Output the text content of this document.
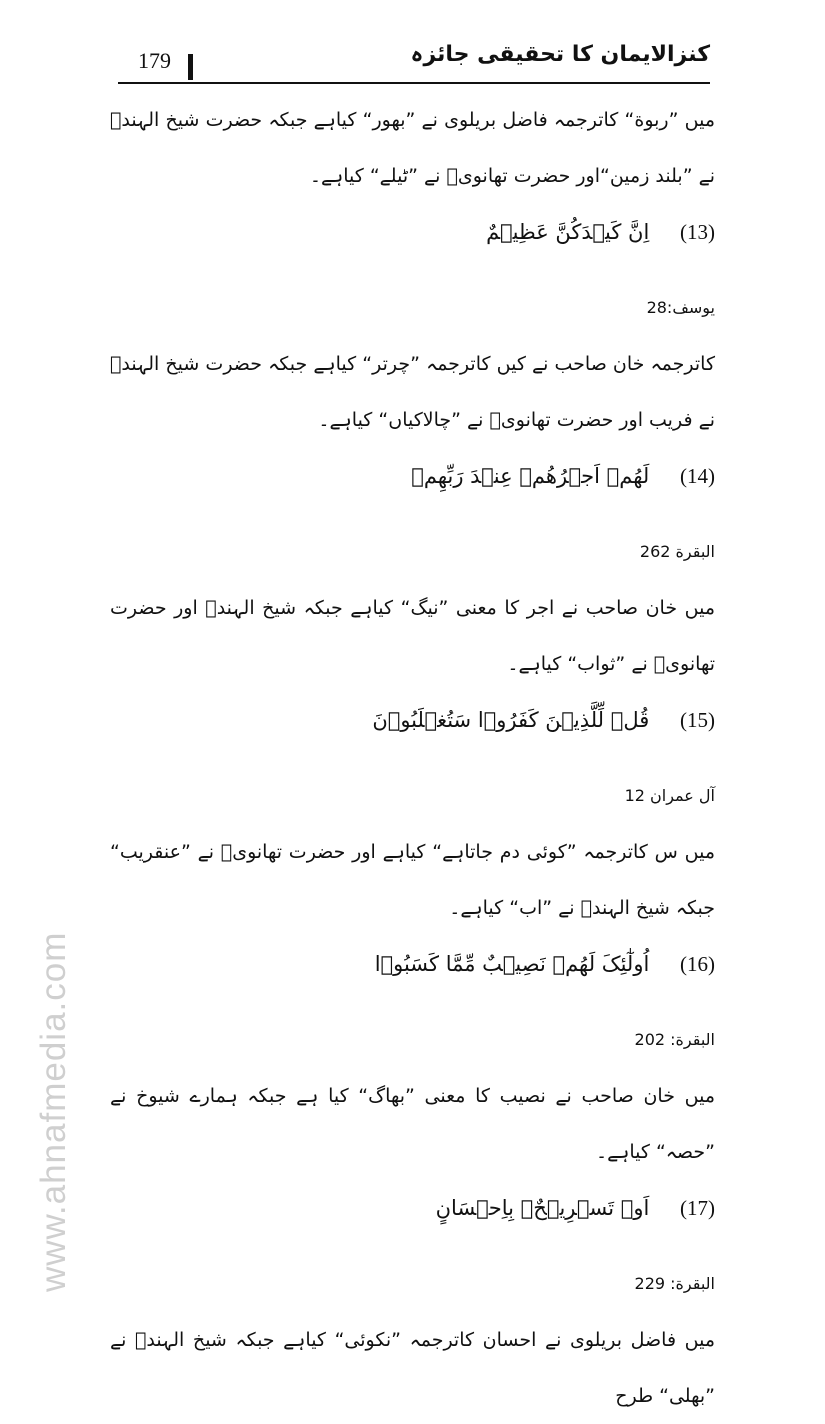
179	کنزالایمان کا تحقیقی جائزہ
www.ahnafmedia.com

میں ”ربوة“ کاترجمہ فاضل بریلوی نے ”بھور“ کیاہے جبکہ حضرت شیخ الہندؒ نے ”بلند زمین“اور حضرت تھانویؒ نے ”ٹیلے“ کیاہے۔

(13) اِنَّ کَیۡدَکُنَّ عَظِیۡمٌ
یوسف:28

کاترجمہ خان صاحب نے کیں کاترجمہ ”چرتر“ کیاہے جبکہ حضرت شیخ الہندؒ نے فریب اور حضرت تھانویؒ نے ”چالاکیاں“ کیاہے۔

(14) لَهُمۡ اَجۡرُهُمۡ عِنۡدَ رَبِّهِمۡ
البقرة 262

میں خان صاحب نے اجر کا معنی ”نیگ“ کیاہے جبکہ شیخ الہندؒ اور حضرت تھانویؒ نے ”ثواب“ کیاہے۔

(15) قُلۡ لِّلَّذِیۡنَ کَفَرُوۡا سَتُغۡلَبُوۡنَ
آل عمران 12

میں س کاترجمہ ”کوئی دم جاتاہے“ کیاہے اور حضرت تھانویؒ نے ”عنقریب“ جبکہ شیخ الہندؒ نے ”اب“ کیاہے۔

(16) اُولٰٓئِکَ لَهُمۡ نَصِیۡبٌ مِّمَّا کَسَبُوۡا
البقرة: 202

میں خان صاحب نے نصیب کا معنی ”بھاگ“ کیا ہے جبکہ ہمارے شیوخ نے ”حصہ“ کیاہے۔

(17) اَوۡ تَسۡرِیۡحٌۢ بِاِحۡسَانٍ
البقرة: 229

میں فاضل بریلوی نے احسان کاترجمہ ”نکوئی“ کیاہے جبکہ شیخ الہندؒ نے ”بھلی“ طرح
